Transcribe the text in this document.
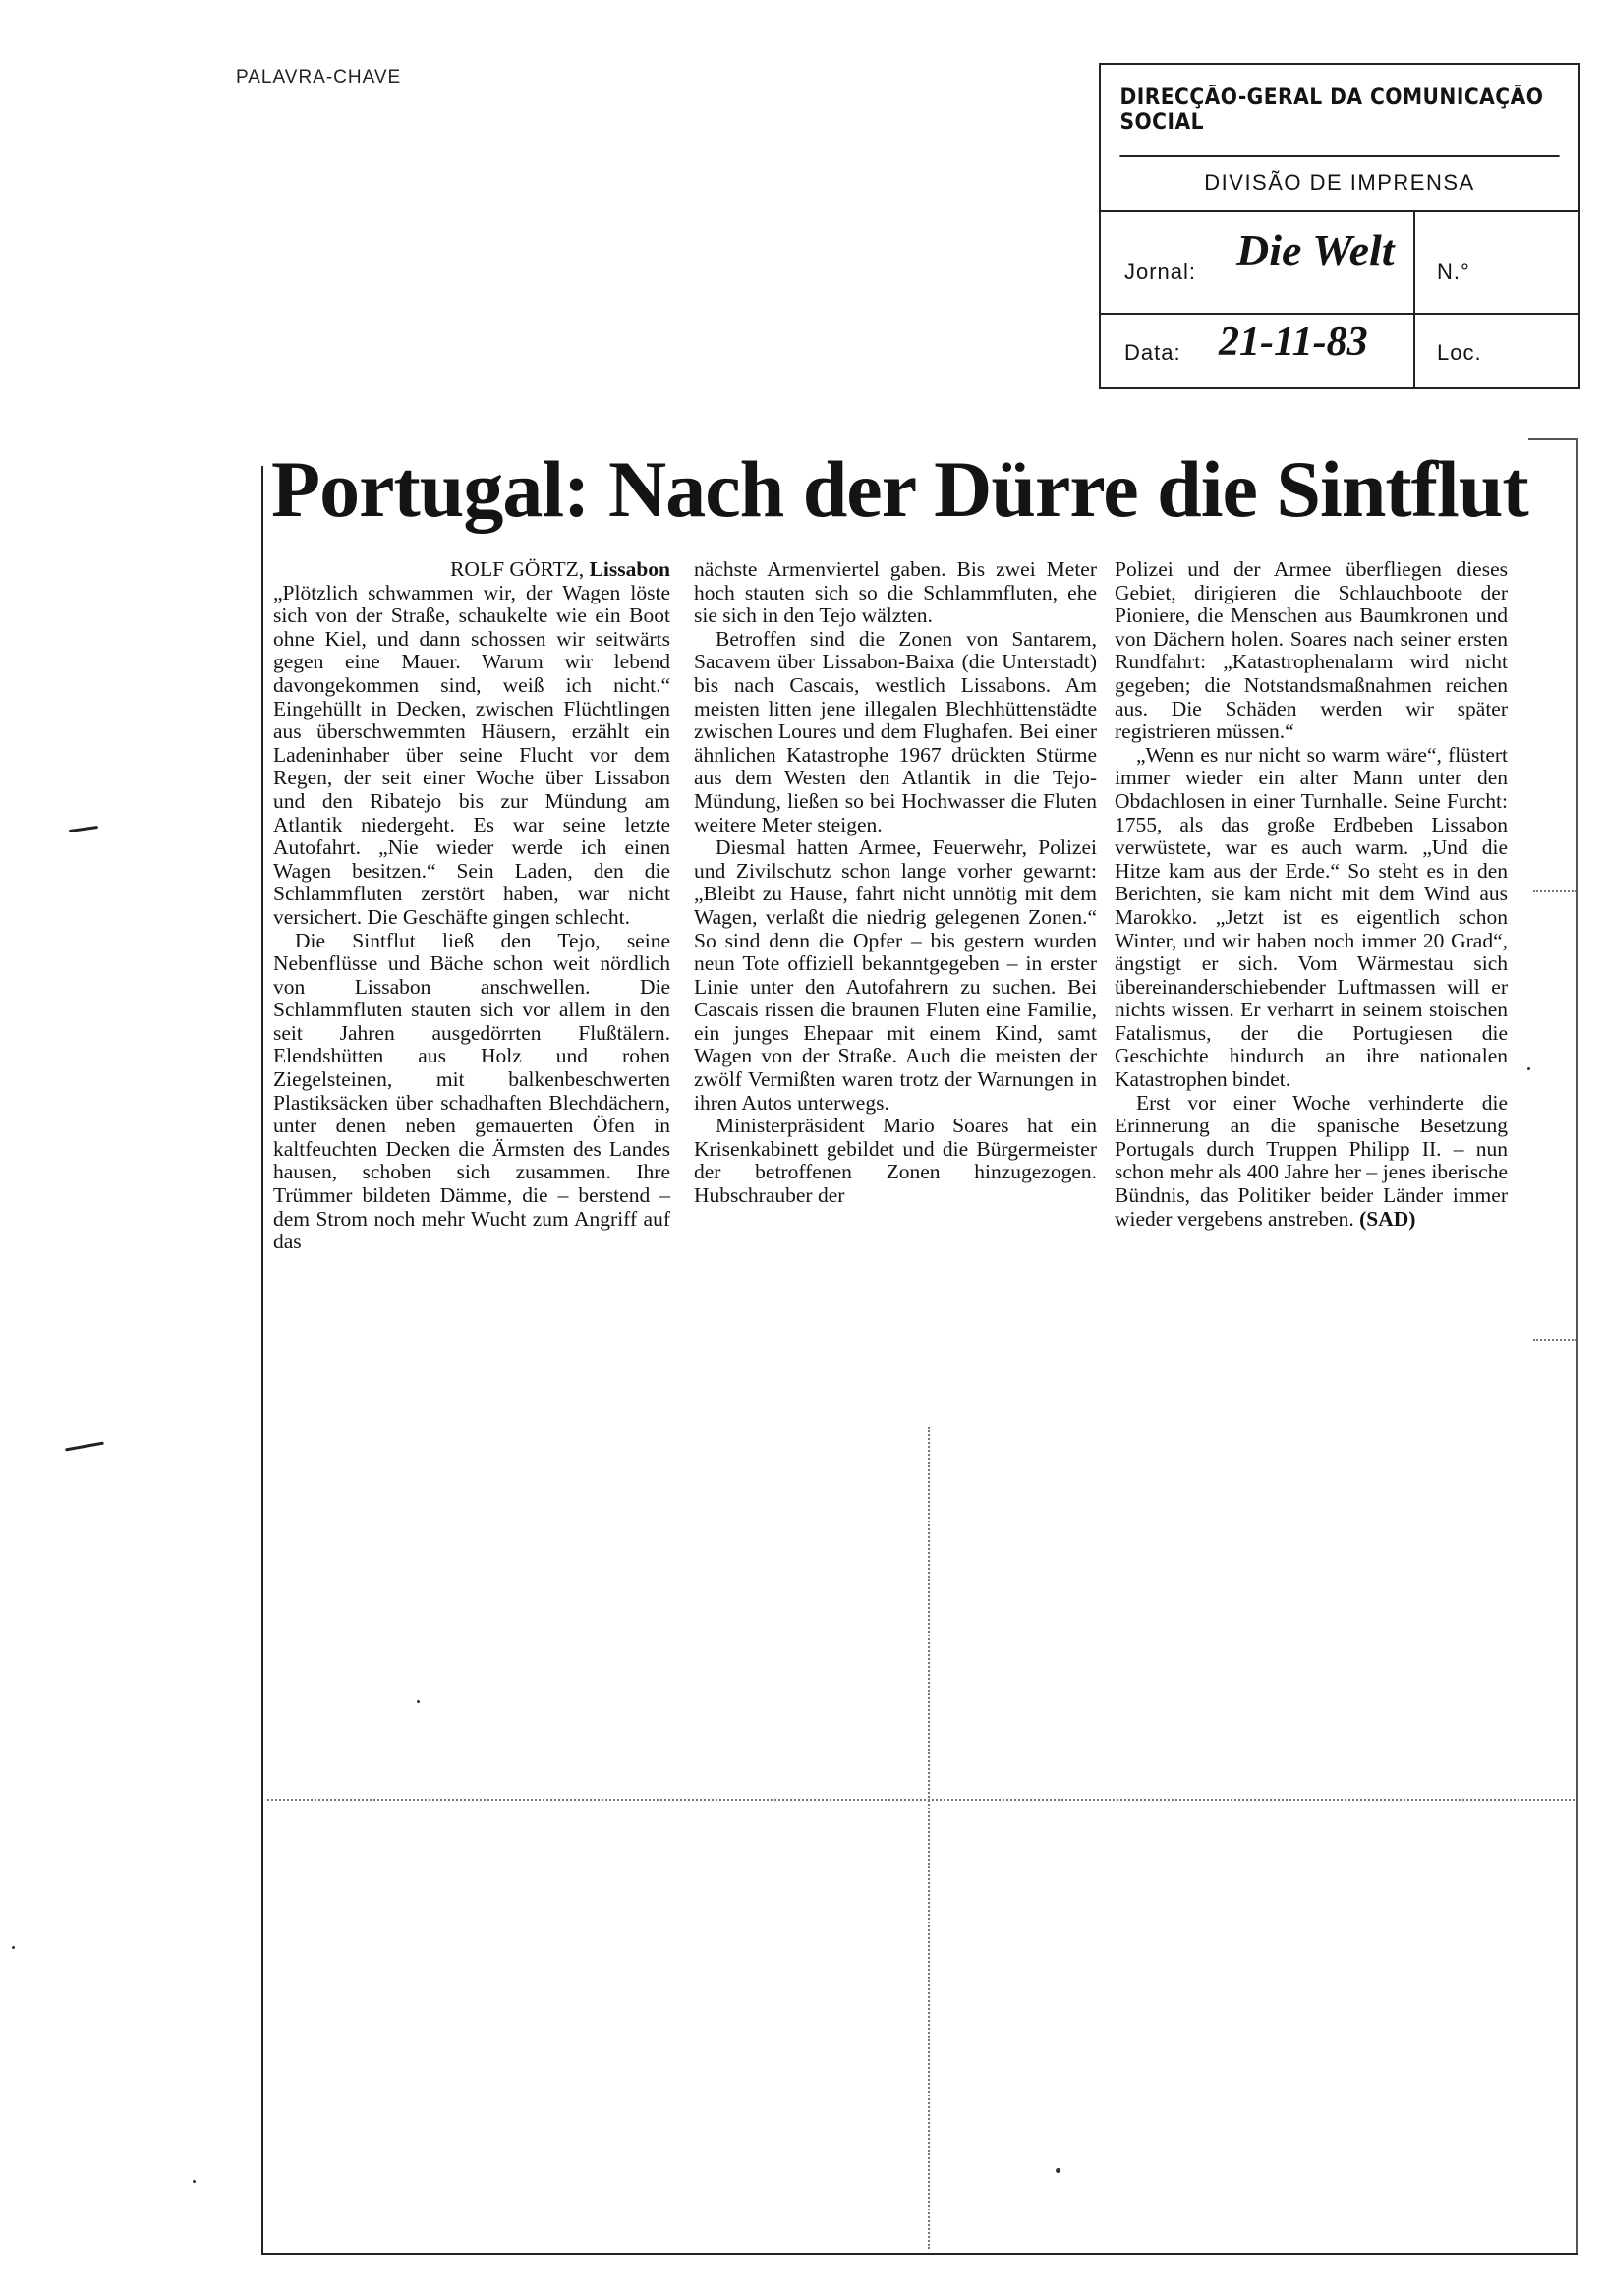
PALAVRA-CHAVE
DIRECÇÃO-GERAL DA COMUNICAÇÃO SOCIAL
DIVISÃO DE IMPRENSA
Jornal: Die Welt N.°
Data: 21-11-83	Loc.
Portugal: Nach der Dürre die Sintflut

ROLF GÖRTZ, Lissabon

„Plötzlich schwammen wir, der Wagen löste sich von der Straße, schaukelte wie ein Boot ohne Kiel, und dann schossen wir seitwärts gegen eine Mauer. Warum wir lebend davongekommen sind, weiß ich nicht.“ Eingehüllt in Decken, zwischen Flüchtlingen aus überschwemmten Häusern, erzählt ein Ladeninhaber über seine Flucht vor dem Regen, der seit einer Woche über Lissabon und den Ribatejo bis zur Mündung am Atlantik niedergeht. Es war seine letzte Autofahrt. „Nie wieder werde ich einen Wagen besitzen.“ Sein Laden, den die Schlammfluten zerstört haben, war nicht versichert. Die Geschäfte gingen schlecht.

Die Sintflut ließ den Tejo, seine Nebenflüsse und Bäche schon weit nördlich von Lissabon anschwellen. Die Schlammfluten stauten sich vor allem in den seit Jahren ausgedörrten Flußtälern. Elendshütten aus Holz und rohen Ziegelsteinen, mit balkenbeschwerten Plastiksäcken über schadhaften Blechdächern, unter denen neben gemauerten Öfen in kaltfeuchten Decken die Ärmsten des Landes hausen, schoben sich zusammen. Ihre Trümmer bildeten Dämme, die – berstend – dem Strom noch mehr Wucht zum Angriff auf das

nächste Armenviertel gaben. Bis zwei Meter hoch stauten sich so die Schlammfluten, ehe sie sich in den Tejo wälzten.

Betroffen sind die Zonen von Santarem, Sacavem über Lissabon-Baixa (die Unterstadt) bis nach Cascais, westlich Lissabons. Am meisten litten jene illegalen Blechhüttenstädte zwischen Loures und dem Flughafen. Bei einer ähnlichen Katastrophe 1967 drückten Stürme aus dem Westen den Atlantik in die Tejo-Mündung, ließen so bei Hochwasser die Fluten weitere Meter steigen.

Diesmal hatten Armee, Feuerwehr, Polizei und Zivilschutz schon lange vorher gewarnt: „Bleibt zu Hause, fahrt nicht unnötig mit dem Wagen, verlaßt die niedrig gelegenen Zonen.“ So sind denn die Opfer – bis gestern wurden neun Tote offiziell bekanntgegeben – in erster Linie unter den Autofahrern zu suchen. Bei Cascais rissen die braunen Fluten eine Familie, ein junges Ehepaar mit einem Kind, samt Wagen von der Straße. Auch die meisten der zwölf Vermißten waren trotz der Warnungen in ihren Autos unterwegs.

Ministerpräsident Mario Soares hat ein Krisenkabinett gebildet und die Bürgermeister der betroffenen Zonen hinzugezogen. Hubschrauber der

Polizei und der Armee überfliegen dieses Gebiet, dirigieren die Schlauchboote der Pioniere, die Menschen aus Baumkronen und von Dächern holen. Soares nach seiner ersten Rundfahrt: „Katastrophenalarm wird nicht gegeben; die Notstandsmaßnahmen reichen aus. Die Schäden werden wir später registrieren müssen.“

„Wenn es nur nicht so warm wäre“, flüstert immer wieder ein alter Mann unter den Obdachlosen in einer Turnhalle. Seine Furcht: 1755, als das große Erdbeben Lissabon verwüstete, war es auch warm. „Und die Hitze kam aus der Erde.“ So steht es in den Berichten, sie kam nicht mit dem Wind aus Marokko. „Jetzt ist es eigentlich schon Winter, und wir haben noch immer 20 Grad“, ängstigt er sich. Vom Wärmestau sich übereinanderschiebender Luftmassen will er nichts wissen. Er verharrt in seinem stoischen Fatalismus, der die Portugiesen die Geschichte hindurch an ihre nationalen Katastrophen bindet.

Erst vor einer Woche verhinderte die Erinnerung an die spanische Besetzung Portugals durch Truppen Philipp II. – nun schon mehr als 400 Jahre her – jenes iberische Bündnis, das Politiker beider Länder immer wieder vergebens anstreben. (SAD)
